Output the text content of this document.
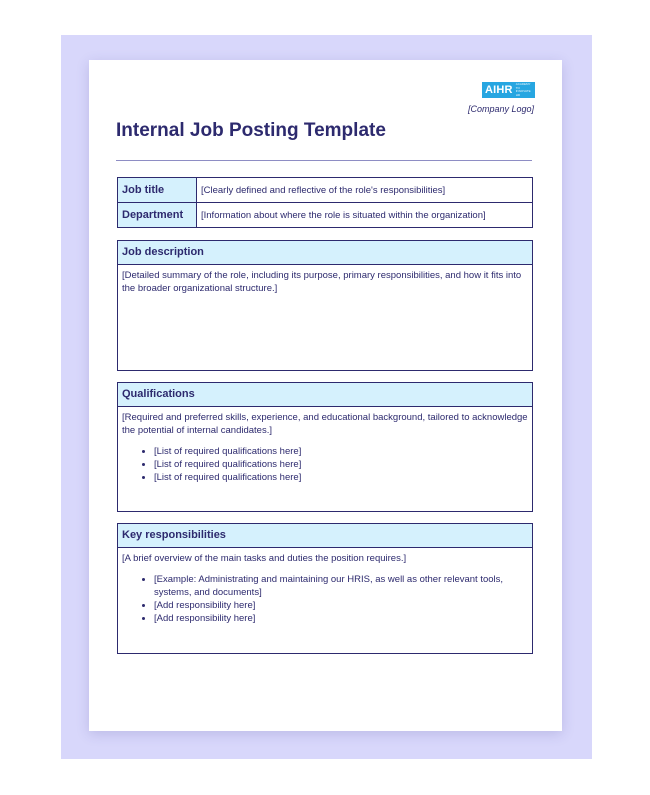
AIHR ACADEMY TO INNOVATE HR
[Company Logo]
Internal Job Posting Template
Job title	[Clearly defined and reflective of the role's responsibilities]
Department	[Information about where the role is situated within the organization]
Job description
[Detailed summary of the role, including its purpose, primary responsibilities, and how it fits into the broader organizational structure.]
Qualifications
[Required and preferred skills, experience, and educational background, tailored to acknowledge the potential of internal candidates.]
• [List of required qualifications here]
• [List of required qualifications here]
• [List of required qualifications here]
Key responsibilities
[A brief overview of the main tasks and duties the position requires.]
• [Example: Administrating and maintaining our HRIS, as well as other relevant tools, systems, and documents]
• [Add responsibility here]
• [Add responsibility here]
